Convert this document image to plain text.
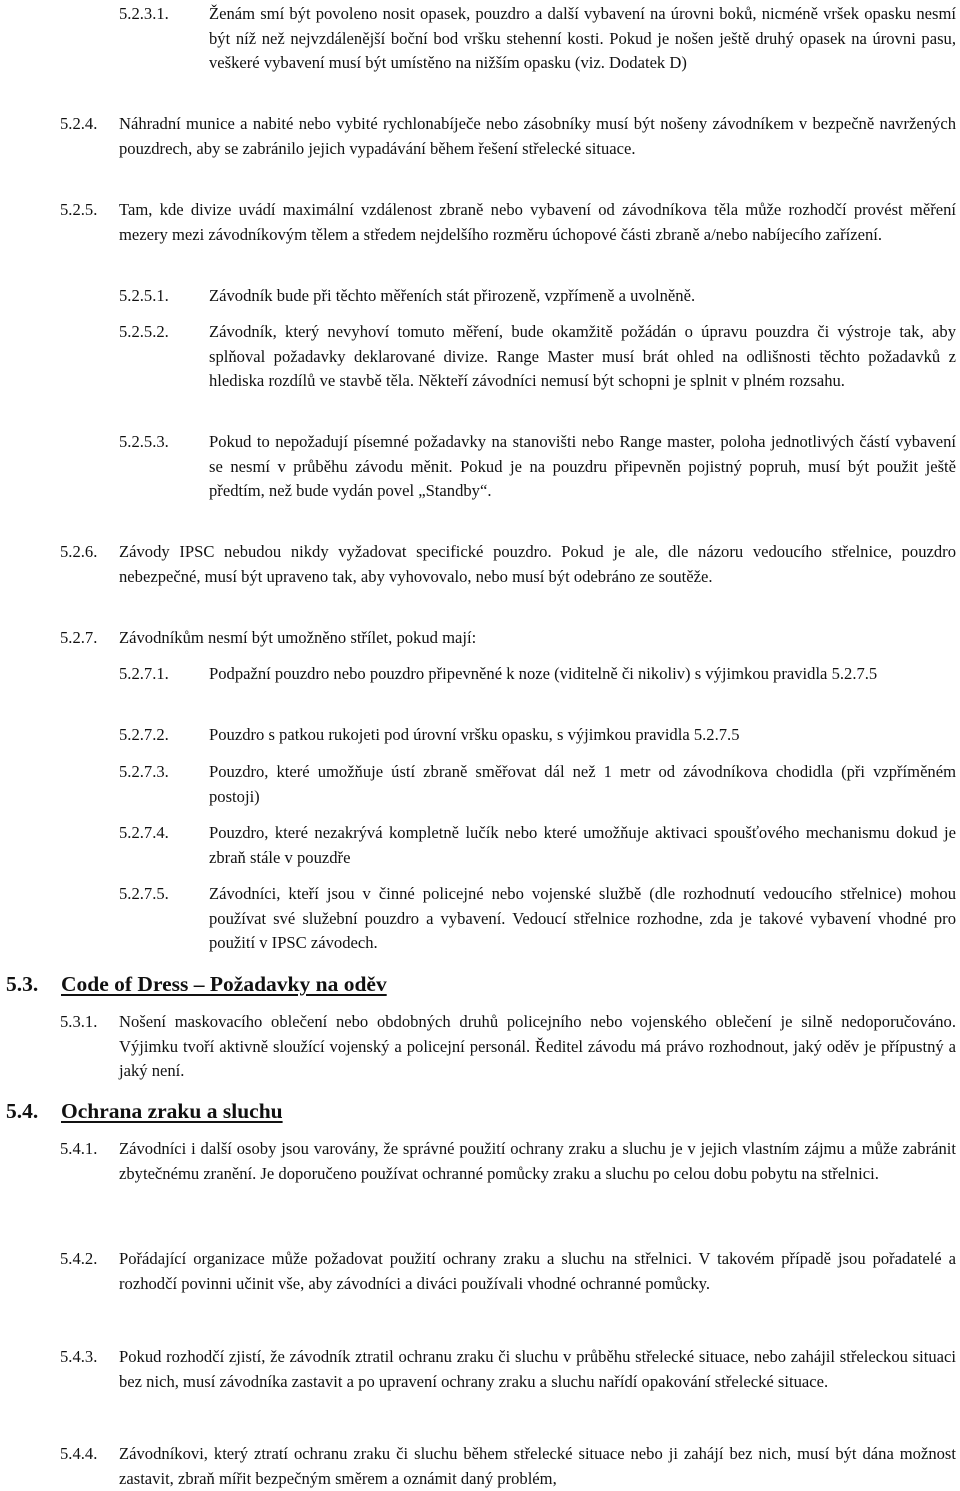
5.2.3.1.	Ženám smí být povoleno nosit opasek, pouzdro a další vybavení na úrovni boků, nicméně vršek opasku nesmí být níž než nejvzdálenější boční bod vršku stehenní kosti. Pokud je nošen ještě druhý opasek na úrovni pasu, veškeré vybavení musí být umístěno na nižším opasku (viz. Dodatek D)
5.2.4.	Náhradní munice a nabité nebo vybité rychlonabíječe nebo zásobníky musí být nošeny závodníkem v bezpečně navržených pouzdrech, aby se zabránilo jejich vypadávání během řešení střelecké situace.
5.2.5.	Tam, kde divize uvádí maximální vzdálenost zbraně nebo vybavení od závodníkova těla může rozhodčí provést měření mezery mezi závodníkovým tělem a středem nejdelšího rozměru úchopové části zbraně a/nebo nabíjecího zařízení.
5.2.5.1.	Závodník bude při těchto měřeních stát přirozeně, vzpřímeně a uvolněně.
5.2.5.2.	Závodník, který nevyhoví tomuto měření, bude okamžitě požádán o úpravu pouzdra či výstroje tak, aby splňoval požadavky deklarované divize. Range Master musí brát ohled na odlišnosti těchto požadavků z hlediska rozdílů ve stavbě těla. Někteří závodníci nemusí být schopni je splnit v plném rozsahu.
5.2.5.3.	Pokud to nepožadují písemné požadavky na stanovišti nebo Range master, poloha jednotlivých částí vybavení se nesmí v průběhu závodu měnit. Pokud je na pouzdru připevněn pojistný popruh, musí být použit ještě předtím, než bude vydán povel „Standby“.
5.2.6.	Závody IPSC nebudou nikdy vyžadovat specifické pouzdro. Pokud je ale, dle názoru vedoucího střelnice, pouzdro nebezpečné, musí být upraveno tak, aby vyhovovalo, nebo musí být odebráno ze soutěže.
5.2.7.	Závodníkům nesmí být umožněno střílet, pokud mají:
5.2.7.1.	Podpažní pouzdro nebo pouzdro připevněné k noze (viditelně či nikoliv) s výjimkou pravidla 5.2.7.5
5.2.7.2.	Pouzdro s patkou rukojeti pod úrovní vršku opasku, s výjimkou pravidla 5.2.7.5
5.2.7.3.	Pouzdro, které umožňuje ústí zbraně směřovat dál než 1 metr od závodníkova chodidla (při vzpříměném postoji)
5.2.7.4.	Pouzdro, které nezakrývá kompletně lučík nebo které umožňuje aktivaci spoušťového mechanismu dokud je zbraň stále v pouzdře
5.2.7.5.	Závodníci, kteří jsou v činné policejné nebo vojenské službě (dle rozhodnutí vedoucího střelnice) mohou používat své služební pouzdro a vybavení. Vedoucí střelnice rozhodne, zda je takové vybavení vhodné pro použití v IPSC závodech.
5.3.	Code of Dress – Požadavky na oděv
5.3.1.	Nošení maskovacího oblečení nebo obdobných druhů policejního nebo vojenského oblečení je silně nedoporučováno. Výjimku tvoří aktivně sloužící vojenský a policejní personál. Ředitel závodu má právo rozhodnout, jaký oděv je přípustný a jaký není.
5.4.	Ochrana zraku a sluchu
5.4.1.	Závodníci i další osoby jsou varovány, že správné použití ochrany zraku a sluchu je v jejich vlastním zájmu a může zabránit zbytečnému zranění. Je doporučeno používat ochranné pomůcky zraku a sluchu po celou dobu pobytu na střelnici.
5.4.2.	Pořádající organizace může požadovat použití ochrany zraku a sluchu na střelnici. V takovém případě jsou pořadatelé a rozhodčí povinni učinit vše, aby závodníci a diváci používali vhodné ochranné pomůcky.
5.4.3.	Pokud rozhodčí zjistí, že závodník ztratil ochranu zraku či sluchu v průběhu střelecké situace, nebo zahájil střeleckou situaci bez nich, musí závodníka zastavit a po upravení ochrany zraku a sluchu nařídí opakování střelecké situace.
5.4.4.	Závodníkovi, který ztratí ochranu zraku či sluchu během střelecké situace nebo ji zahájí bez nich, musí být dána možnost zastavit, zbraň mířit bezpečným směrem a oznámit daný problém,
